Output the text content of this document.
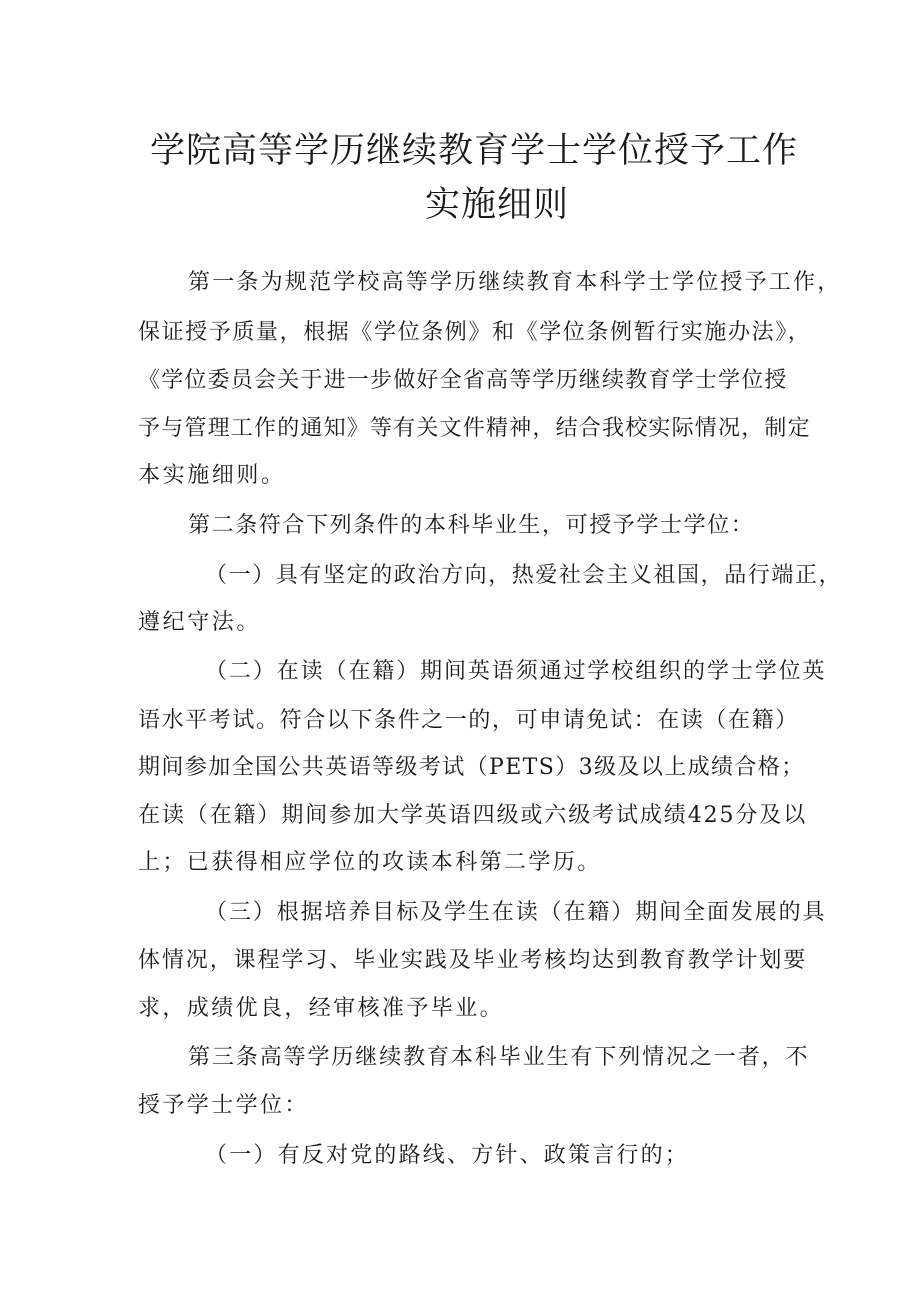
学院高等学历继续教育学士学位授予工作
实施细则
第一条为规范学校高等学历继续教育本科学士学位授予工作，
保证授予质量，根据《学位条例》和《学位条例暂行实施办法》，
《学位委员会关于进一步做好全省高等学历继续教育学士学位授
予与管理工作的通知》等有关文件精神，结合我校实际情况，制定
本实施细则。
第二条符合下列条件的本科毕业生，可授予学士学位：
（一）具有坚定的政治方向，热爱社会主义祖国，品行端正，
遵纪守法。
（二）在读（在籍）期间英语须通过学校组织的学士学位英
语水平考试。符合以下条件之一的，可申请免试：在读（在籍）
期间参加全国公共英语等级考试（PETS）3级及以上成绩合格；
在读（在籍）期间参加大学英语四级或六级考试成绩425分及以
上；已获得相应学位的攻读本科第二学历。
（三）根据培养目标及学生在读（在籍）期间全面发展的具
体情况，课程学习、毕业实践及毕业考核均达到教育教学计划要
求，成绩优良，经审核准予毕业。
第三条高等学历继续教育本科毕业生有下列情况之一者，不
授予学士学位：
（一）有反对党的路线、方针、政策言行的；
